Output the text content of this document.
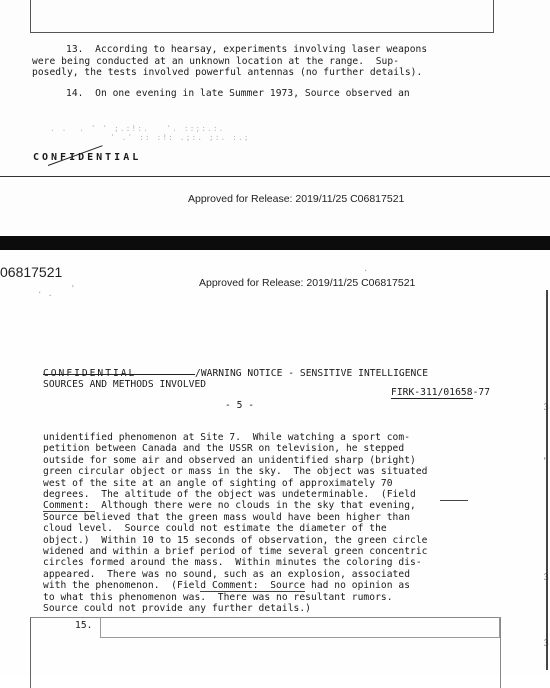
13.  According to hearsay, experiments involving laser weapons
were being conducted at an unknown location at the range.  Sup-
posedly, the tests involved powerful antennas (no further details).
14.  On one evening in late Summer 1973, Source observed an
. .  . ' ' ;.:!:.   '. ::;:.:.
' .' :: :!: .;:. ;:. :.;
CONFIDENTIAL
Approved for Release: 2019/11/25 C06817521
06817521
Approved for Release: 2019/11/25 C06817521
·   . '
·
3
'
3
3
/WARNING NOTICE - SENSITIVE INTELLIGENCE
SOURCES AND METHODS INVOLVED
FIRK-311/01658-77
- 5 -
unidentified phenomenon at Site 7.  While watching a sport com-
petition between Canada and the USSR on television, he stepped
outside for some air and observed an unidentified sharp (bright)
green circular object or mass in the sky.  The object was situated
west of the site at an angle of sighting of approximately 70
degrees.  The altitude of the object was undeterminable.  (Field
Comment:  Although there were no clouds in the sky that evening,
Source believed that the green mass would have been higher than
cloud level.  Source could not estimate the diameter of the
object.)  Within 10 to 15 seconds of observation, the green circle
widened and within a brief period of time several green concentric
circles formed around the mass.  Within minutes the coloring dis-
appeared.  There was no sound, such as an explosion, associated
with the phenomenon.  (Field Comment:  Source had no opinion as
to what this phenomenon was.  There was no resultant rumors.
Source could not provide any further details.)
15.
